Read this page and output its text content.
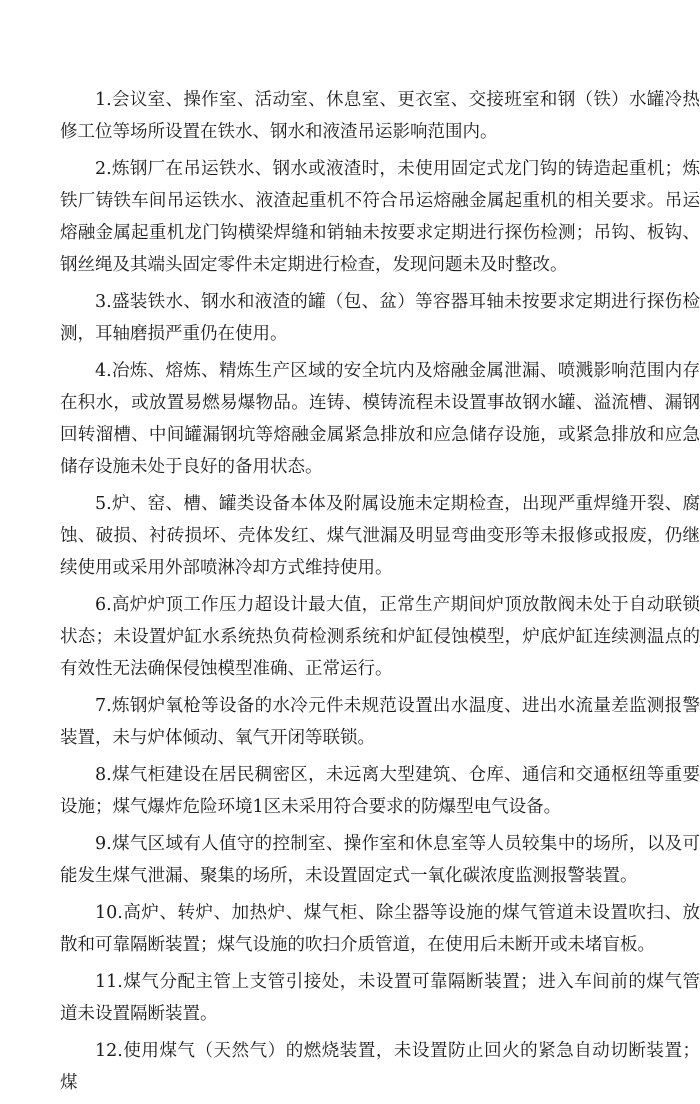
1.会议室、操作室、活动室、休息室、更衣室、交接班室和钢（铁）水罐冷热修工位等场所设置在铁水、钢水和液渣吊运影响范围内。

2.炼钢厂在吊运铁水、钢水或液渣时，未使用固定式龙门钩的铸造起重机；炼铁厂铸铁车间吊运铁水、液渣起重机不符合吊运熔融金属起重机的相关要求。吊运熔融金属起重机龙门钩横梁焊缝和销轴未按要求定期进行探伤检测；吊钩、板钩、钢丝绳及其端头固定零件未定期进行检查，发现问题未及时整改。

3.盛装铁水、钢水和液渣的罐（包、盆）等容器耳轴未按要求定期进行探伤检测，耳轴磨损严重仍在使用。

4.冶炼、熔炼、精炼生产区域的安全坑内及熔融金属泄漏、喷溅影响范围内存在积水，或放置易燃易爆物品。连铸、模铸流程未设置事故钢水罐、溢流槽、漏钢回转溜槽、中间罐漏钢坑等熔融金属紧急排放和应急储存设施，或紧急排放和应急储存设施未处于良好的备用状态。

5.炉、窑、槽、罐类设备本体及附属设施未定期检查，出现严重焊缝开裂、腐蚀、破损、衬砖损坏、壳体发红、煤气泄漏及明显弯曲变形等未报修或报废，仍继续使用或采用外部喷淋冷却方式维持使用。

6.高炉炉顶工作压力超设计最大值，正常生产期间炉顶放散阀未处于自动联锁状态；未设置炉缸水系统热负荷检测系统和炉缸侵蚀模型，炉底炉缸连续测温点的有效性无法确保侵蚀模型准确、正常运行。

7.炼钢炉氧枪等设备的水冷元件未规范设置出水温度、进出水流量差监测报警装置，未与炉体倾动、氧气开闭等联锁。

8.煤气柜建设在居民稠密区，未远离大型建筑、仓库、通信和交通枢纽等重要设施；煤气爆炸危险环境1区未采用符合要求的防爆型电气设备。

9.煤气区域有人值守的控制室、操作室和休息室等人员较集中的场所，以及可能发生煤气泄漏、聚集的场所，未设置固定式一氧化碳浓度监测报警装置。

10.高炉、转炉、加热炉、煤气柜、除尘器等设施的煤气管道未设置吹扫、放散和可靠隔断装置；煤气设施的吹扫介质管道，在使用后未断开或未堵盲板。

11.煤气分配主管上支管引接处，未设置可靠隔断装置；进入车间前的煤气管道未设置隔断装置。

12.使用煤气（天然气）的燃烧装置，未设置防止回火的紧急自动切断装置；煤
